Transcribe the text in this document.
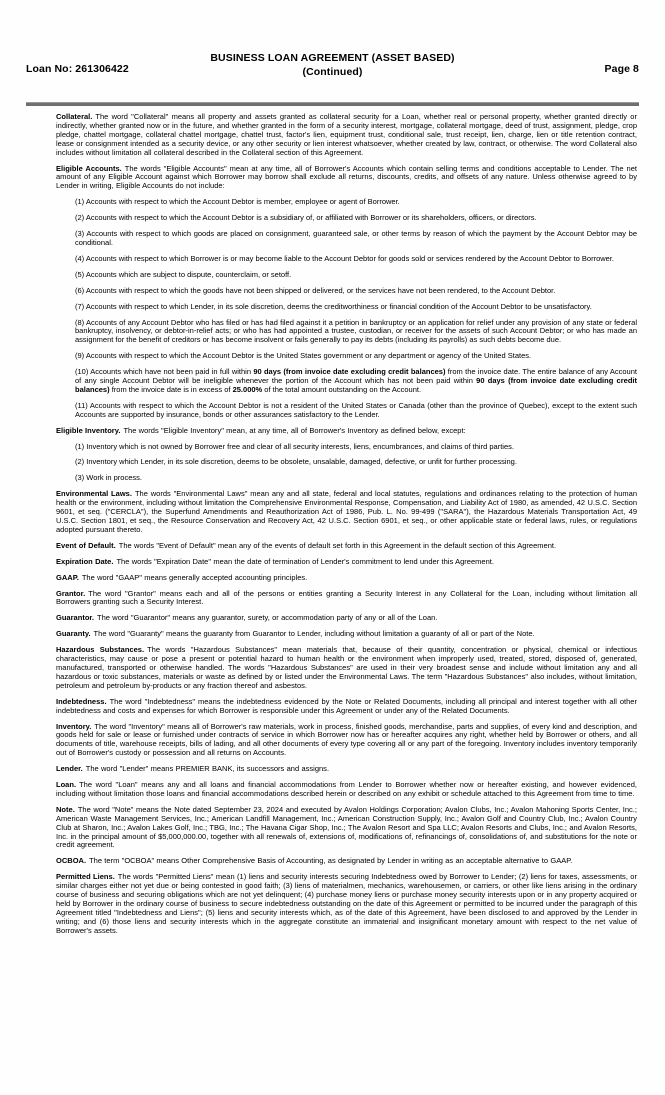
Loan No: 261306422
BUSINESS LOAN AGREEMENT (ASSET BASED)
(Continued)	Page 8

Collateral. The word "Collateral" means all property and assets granted as collateral security for a Loan, whether real or personal property, whether granted directly or indirectly, whether granted now or in the future, and whether granted in the form of a security interest, mortgage, collateral mortgage, deed of trust, assignment, pledge, crop pledge, chattel mortgage, collateral chattel mortgage, chattel trust, factor's lien, equipment trust, conditional sale, trust receipt, lien, charge, lien or title retention contract, lease or consignment intended as a security device, or any other security or lien interest whatsoever, whether created by law, contract, or otherwise. The word Collateral also includes without limitation all collateral described in the Collateral section of this Agreement.

Eligible Accounts. The words "Eligible Accounts" mean at any time, all of Borrower's Accounts which contain selling terms and conditions acceptable to Lender. The net amount of any Eligible Account against which Borrower may borrow shall exclude all returns, discounts, credits, and offsets of any nature. Unless otherwise agreed to by Lender in writing, Eligible Accounts do not include:

(1) Accounts with respect to which the Account Debtor is member, employee or agent of Borrower.

(2) Accounts with respect to which the Account Debtor is a subsidiary of, or affiliated with Borrower or its shareholders, officers, or directors.

(3) Accounts with respect to which goods are placed on consignment, guaranteed sale, or other terms by reason of which the payment by the Account Debtor may be conditional.

(4) Accounts with respect to which Borrower is or may become liable to the Account Debtor for goods sold or services rendered by the Account Debtor to Borrower.

(5) Accounts which are subject to dispute, counterclaim, or setoff.

(6) Accounts with respect to which the goods have not been shipped or delivered, or the services have not been rendered, to the Account Debtor.

(7) Accounts with respect to which Lender, in its sole discretion, deems the creditworthiness or financial condition of the Account Debtor to be unsatisfactory.

(8) Accounts of any Account Debtor who has filed or has had filed against it a petition in bankruptcy or an application for relief under any provision of any state or federal bankruptcy, insolvency, or debtor-in-relief acts; or who has had appointed a trustee, custodian, or receiver for the assets of such Account Debtor; or who has made an assignment for the benefit of creditors or has become insolvent or fails generally to pay its debts (including its payrolls) as such debts become due.

(9) Accounts with respect to which the Account Debtor is the United States government or any department or agency of the United States.

(10) Accounts which have not been paid in full within 90 days (from invoice date excluding credit balances) from the invoice date. The entire balance of any Account of any single Account Debtor will be ineligible whenever the portion of the Account which has not been paid within 90 days (from invoice date excluding credit balances) from the invoice date is in excess of 25.000% of the total amount outstanding on the Account.

(11) Accounts with respect to which the Account Debtor is not a resident of the United States or Canada (other than the province of Quebec), except to the extent such Accounts are supported by insurance, bonds or other assurances satisfactory to the Lender.

Eligible Inventory. The words "Eligible Inventory" mean, at any time, all of Borrower's Inventory as defined below, except:

(1) Inventory which is not owned by Borrower free and clear of all security interests, liens, encumbrances, and claims of third parties.

(2) Inventory which Lender, in its sole discretion, deems to be obsolete, unsalable, damaged, defective, or unfit for further processing.

(3) Work in process.

Environmental Laws. The words "Environmental Laws" mean any and all state, federal and local statutes, regulations and ordinances relating to the protection of human health or the environment, including without limitation the Comprehensive Environmental Response, Compensation, and Liability Act of 1980, as amended, 42 U.S.C. Section 9601, et seq. ("CERCLA"), the Superfund Amendments and Reauthorization Act of 1986, Pub. L. No. 99-499 ("SARA"), the Hazardous Materials Transportation Act, 49 U.S.C. Section 1801, et seq., the Resource Conservation and Recovery Act, 42 U.S.C. Section 6901, et seq., or other applicable state or federal laws, rules, or regulations adopted pursuant thereto.

Event of Default. The words "Event of Default" mean any of the events of default set forth in this Agreement in the default section of this Agreement.

Expiration Date. The words "Expiration Date" mean the date of termination of Lender's commitment to lend under this Agreement.

GAAP. The word "GAAP" means generally accepted accounting principles.

Grantor. The word "Grantor" means each and all of the persons or entities granting a Security Interest in any Collateral for the Loan, including without limitation all Borrowers granting such a Security Interest.

Guarantor. The word "Guarantor" means any guarantor, surety, or accommodation party of any or all of the Loan.

Guaranty. The word "Guaranty" means the guaranty from Guarantor to Lender, including without limitation a guaranty of all or part of the Note.

Hazardous Substances. The words "Hazardous Substances" mean materials that, because of their quantity, concentration or physical, chemical or infectious characteristics, may cause or pose a present or potential hazard to human health or the environment when improperly used, treated, stored, disposed of, generated, manufactured, transported or otherwise handled. The words "Hazardous Substances" are used in their very broadest sense and include without limitation any and all hazardous or toxic substances, materials or waste as defined by or listed under the Environmental Laws. The term "Hazardous Substances" also includes, without limitation, petroleum and petroleum by-products or any fraction thereof and asbestos.

Indebtedness. The word "Indebtedness" means the indebtedness evidenced by the Note or Related Documents, including all principal and interest together with all other indebtedness and costs and expenses for which Borrower is responsible under this Agreement or under any of the Related Documents.

Inventory. The word "Inventory" means all of Borrower's raw materials, work in process, finished goods, merchandise, parts and supplies, of every kind and description, and goods held for sale or lease or furnished under contracts of service in which Borrower now has or hereafter acquires any right, whether held by Borrower or others, and all documents of title, warehouse receipts, bills of lading, and all other documents of every type covering all or any part of the foregoing. Inventory includes inventory temporarily out of Borrower's custody or possession and all returns on Accounts.

Lender. The word "Lender" means PREMIER BANK, its successors and assigns.

Loan. The word "Loan" means any and all loans and financial accommodations from Lender to Borrower whether now or hereafter existing, and however evidenced, including without limitation those loans and financial accommodations described herein or described on any exhibit or schedule attached to this Agreement from time to time.

Note. The word "Note" means the Note dated September 23, 2024 and executed by Avalon Holdings Corporation; Avalon Clubs, Inc.; Avalon Mahoning Sports Center, Inc.; American Waste Management Services, Inc.; American Landfill Management, Inc.; American Construction Supply, Inc.; Avalon Golf and Country Club, Inc.; Avalon Country Club at Sharon, Inc.; Avalon Lakes Golf, Inc.; TBG, Inc.; The Havana Cigar Shop, Inc.; The Avalon Resort and Spa LLC; Avalon Resorts and Clubs, Inc.; and Avalon Resorts, Inc. in the principal amount of $5,000,000.00, together with all renewals of, extensions of, modifications of, refinancings of, consolidations of, and substitutions for the note or credit agreement.

OCBOA. The term "OCBOA" means Other Comprehensive Basis of Accounting, as designated by Lender in writing as an acceptable alternative to GAAP.

Permitted Liens. The words "Permitted Liens" mean (1) liens and security interests securing Indebtedness owed by Borrower to Lender; (2) liens for taxes, assessments, or similar charges either not yet due or being contested in good faith; (3) liens of materialmen, mechanics, warehousemen, or carriers, or other like liens arising in the ordinary course of business and securing obligations which are not yet delinquent; (4) purchase money liens or purchase money security interests upon or in any property acquired or held by Borrower in the ordinary course of business to secure indebtedness outstanding on the date of this Agreement or permitted to be incurred under the paragraph of this Agreement titled "Indebtedness and Liens"; (5) liens and security interests which, as of the date of this Agreement, have been disclosed to and approved by the Lender in writing; and (6) those liens and security interests which in the aggregate constitute an immaterial and insignificant monetary amount with respect to the net value of Borrower's assets.
